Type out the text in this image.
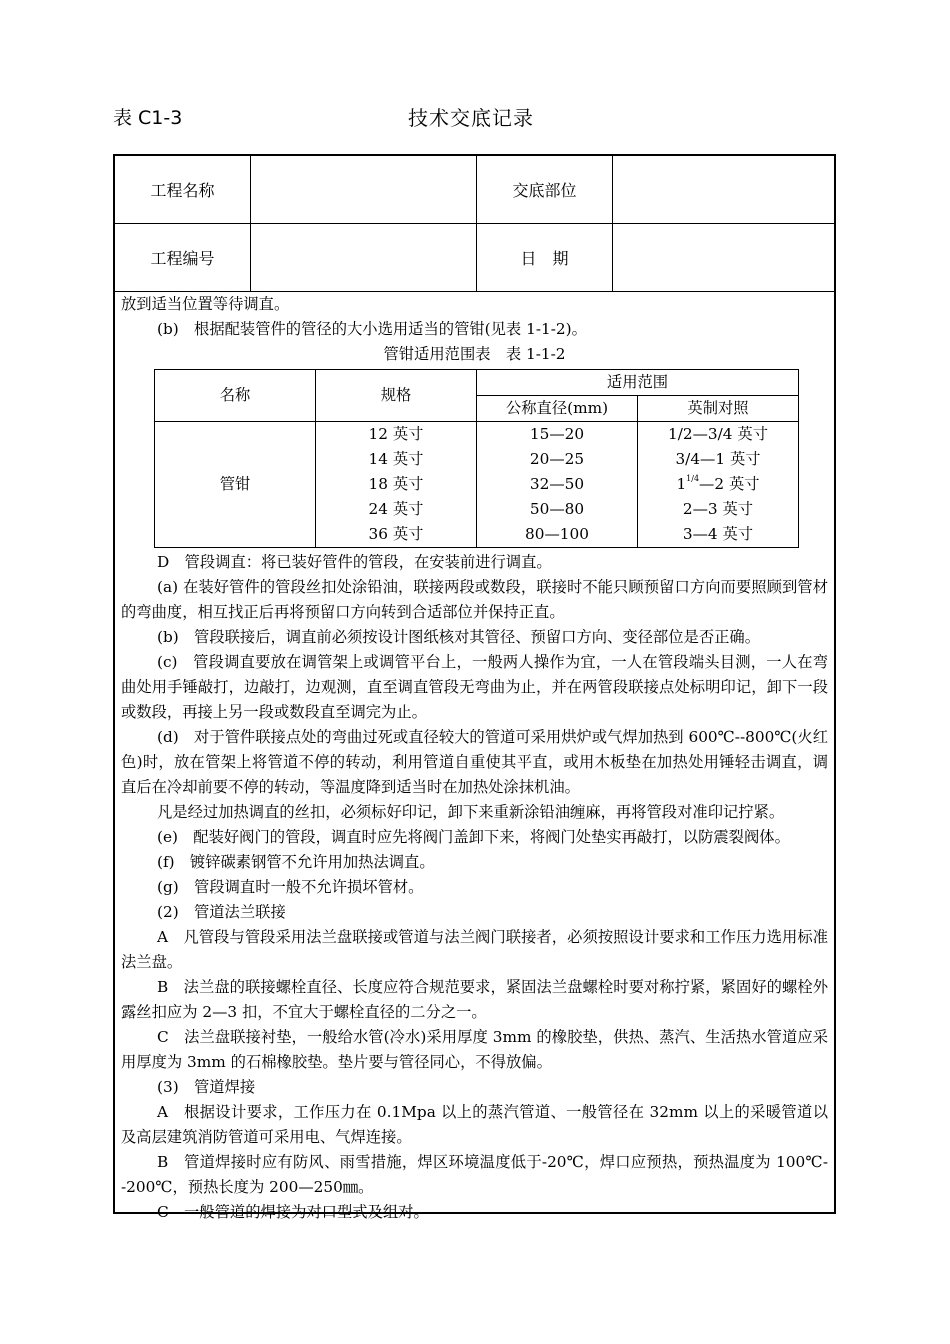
表 C1-3	技术交底记录
工程名称	交底部位
工程编号	日　期

放到适当位置等待调直。

(b)　根据配装管件的管径的大小选用适当的管钳(见表 1-1-2)。

管钳适用范围表　表 1-1-2

名称	规格	适用范围	
		公称直径(mm)	英制对照
管钳	12 英寸	15—20	1/2—3/4 英寸
	14 英寸	20—25	3/4—1 英寸
	18 英寸	32—50	$1^{1/4}—2$ 英寸
	24 英寸	50—80	2—3 英寸
	36 英寸	80—100	3—4 英寸

D　管段调直：将已装好管件的管段，在安装前进行调直。

(a) 在装好管件的管段丝扣处涂铅油，联接两段或数段，联接时不能只顾预留口方向而要照顾到管材的弯曲度，相互找正后再将预留口方向转到合适部位并保持正直。

(b)　管段联接后，调直前必须按设计图纸核对其管径、预留口方向、变径部位是否正确。

(c)　管段调直要放在调管架上或调管平台上，一般两人操作为宜，一人在管段端头目测，一人在弯曲处用手锤敲打，边敲打，边观测，直至调直管段无弯曲为止，并在两管段联接点处标明印记，卸下一段或数段，再接上另一段或数段直至调完为止。

(d)　对于管件联接点处的弯曲过死或直径较大的管道可采用烘炉或气焊加热到 600℃--800℃(火红色)时，放在管架上将管道不停的转动，利用管道自重使其平直，或用木板垫在加热处用锤轻击调直，调直后在冷却前要不停的转动，等温度降到适当时在加热处涂抹机油。

凡是经过加热调直的丝扣，必须标好印记，卸下来重新涂铅油缠麻，再将管段对准印记拧紧。

(e)　配装好阀门的管段，调直时应先将阀门盖卸下来，将阀门处垫实再敲打，以防震裂阀体。

(f)　镀锌碳素钢管不允许用加热法调直。

(g)　管段调直时一般不允许损坏管材。

(2)　管道法兰联接

A　凡管段与管段采用法兰盘联接或管道与法兰阀门联接者，必须按照设计要求和工作压力选用标准法兰盘。

B　法兰盘的联接螺栓直径、长度应符合规范要求，紧固法兰盘螺栓时要对称拧紧，紧固好的螺栓外露丝扣应为 2—3 扣，不宜大于螺栓直径的二分之一。

C　法兰盘联接衬垫，一般给水管(冷水)采用厚度 3mm 的橡胶垫，供热、蒸汽、生活热水管道应采用厚度为 3mm 的石棉橡胶垫。垫片要与管径同心，不得放偏。

(3)　管道焊接

A　根据设计要求，工作压力在 0.1Mpa 以上的蒸汽管道、一般管径在 32mm 以上的采暖管道以及高层建筑消防管道可采用电、气焊连接。

B　管道焊接时应有防风、雨雪措施，焊区环境温度低于-20℃，焊口应预热，预热温度为 100℃--200℃，预热长度为 200—250㎜。

C　一般管道的焊接为对口型式及组对。
